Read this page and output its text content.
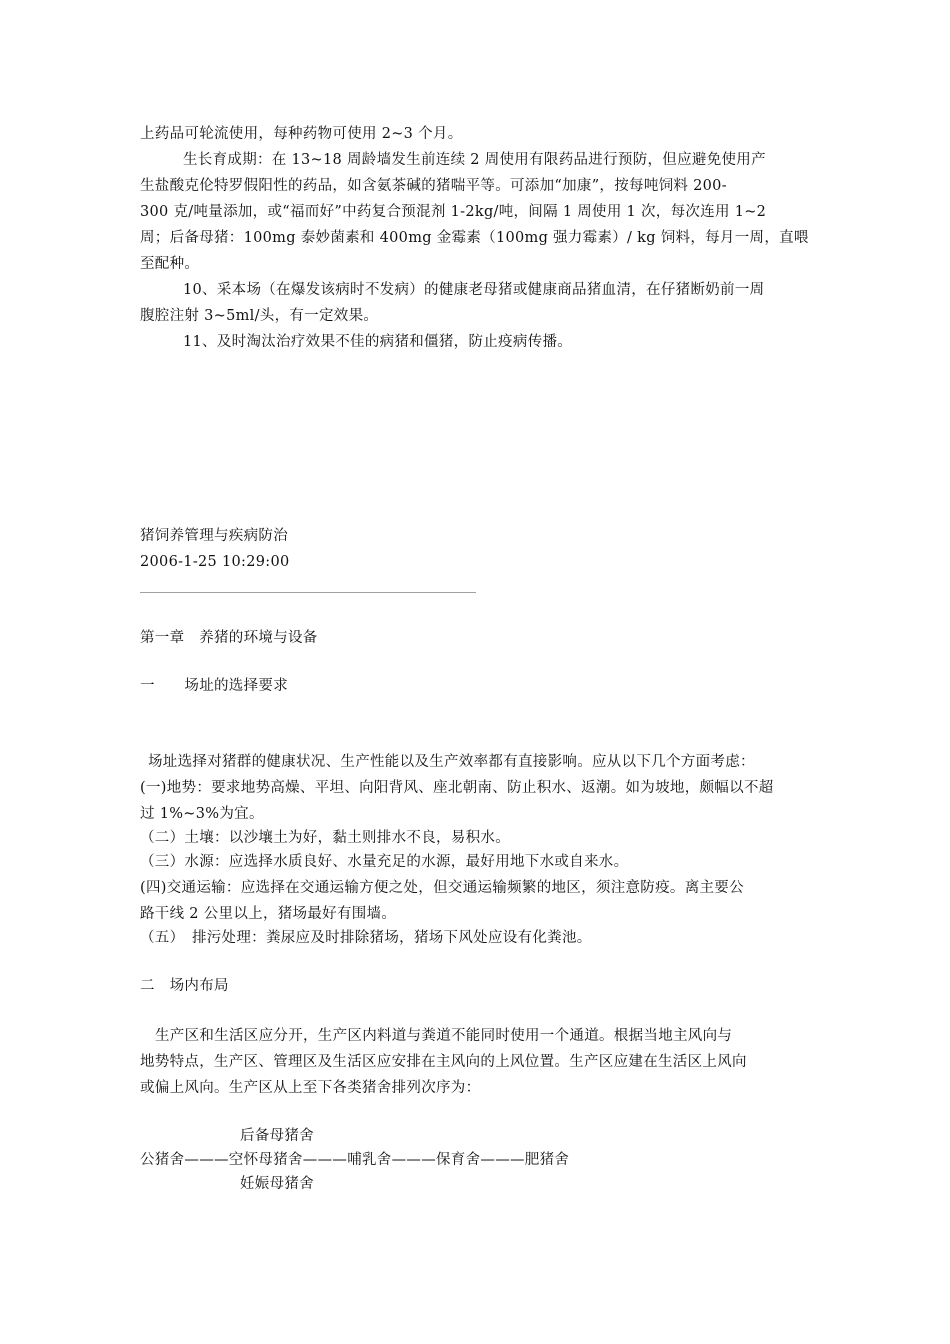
上药品可轮流使用，每种药物可使用 2~3 个月。
生长育成期：在 13~18 周龄墙发生前连续 2 周使用有限药品进行预防，但应避免使用产
生盐酸克伦特罗假阳性的药品，如含氨茶碱的猪喘平等。可添加“加康”，按每吨饲料 200-
300 克/吨量添加，或“福而好”中药复合预混剂 1-2kg/吨，间隔 1 周使用 1 次，每次连用 1~2
周；后备母猪：100mg 泰妙菌素和 400mg 金霉素（100mg 强力霉素）/ kg 饲料，每月一周，直喂
至配种。
10、采本场（在爆发该病时不发病）的健康老母猪或健康商品猪血清，在仔猪断奶前一周
腹腔注射 3~5ml/头，有一定效果。
11、及时淘汰治疗效果不佳的病猪和僵猪，防止疫病传播。
猪饲养管理与疾病防治
2006-1-25 10:29:00
第一章　养猪的环境与设备
一　　场址的选择要求
场址选择对猪群的健康状况、生产性能以及生产效率都有直接影响。应从以下几个方面考虑：
(一)地势：要求地势高燥、平坦、向阳背风、座北朝南、防止积水、返潮。如为坡地，颇幅以不超
过 1%~3%为宜。
（二）土壤：以沙壤土为好，黏土则排水不良，易积水。
（三）水源：应选择水质良好、水量充足的水源，最好用地下水或自来水。
(四)交通运输：应选择在交通运输方便之处，但交通运输频繁的地区，须注意防疫。离主要公
路干线 2 公里以上，猪场最好有围墙。
（五）　排污处理：粪尿应及时排除猪场，猪场下风处应设有化粪池。
二　场内布局
生产区和生活区应分开，生产区内料道与粪道不能同时使用一个通道。根据当地主风向与
地势特点，生产区、管理区及生活区应安排在主风向的上风位置。生产区应建在生活区上风向
或偏上风向。生产区从上至下各类猪舍排列次序为：
后备母猪舍
公猪舍———空怀母猪舍———哺乳舍———保育舍———肥猪舍
妊娠母猪舍
